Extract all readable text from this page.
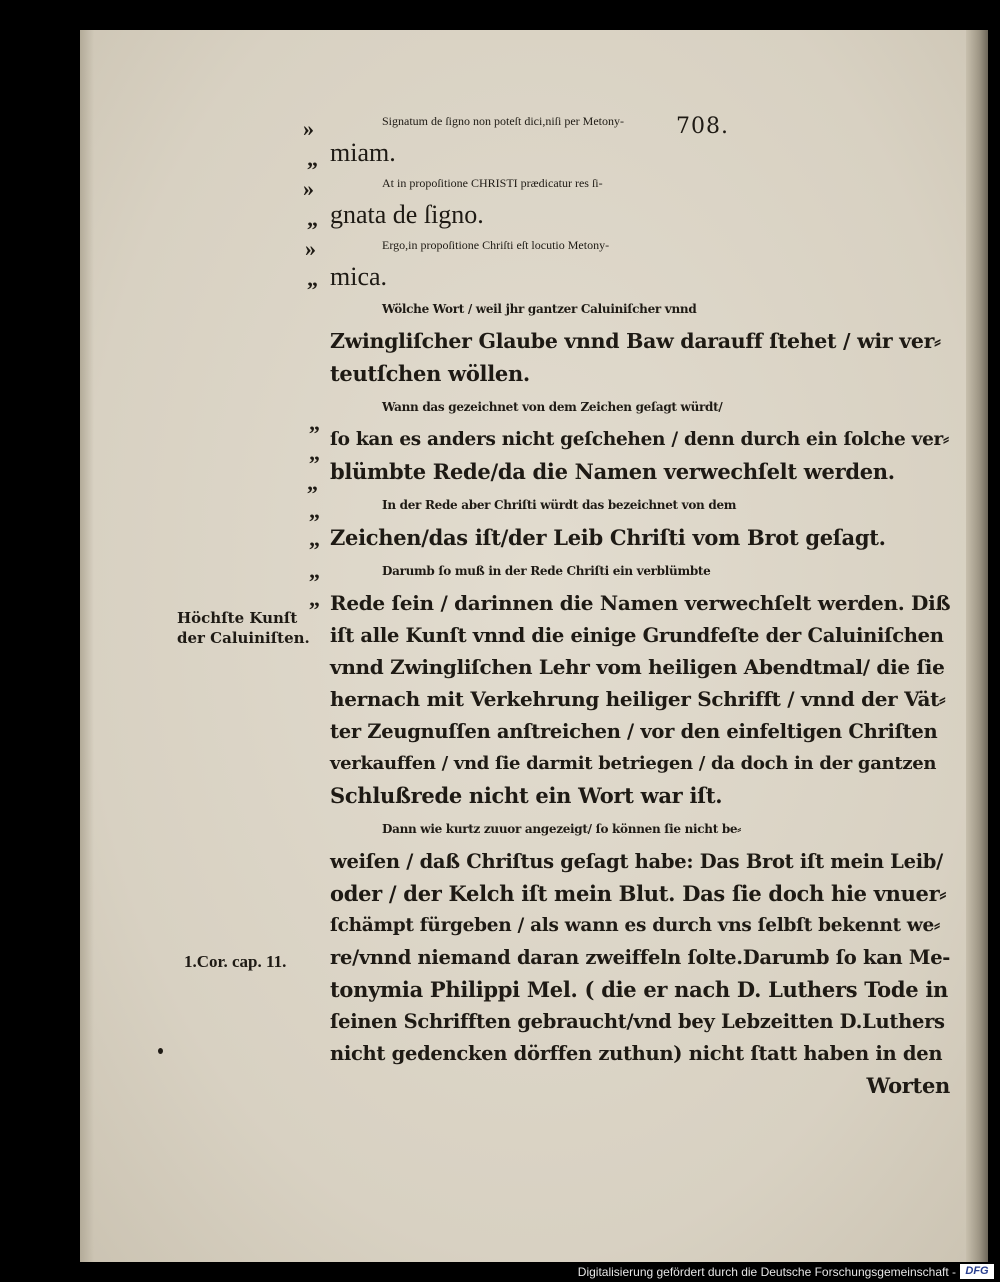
708.
»
„
»
„
»
„
„
„
„
„
„
„
„
Höchſte Kunſt
der Caluiniſten.
1.Cor. cap. 11.
Signatum de ſigno non poteſt dici,niſi per Metony-
miam.
At in propoſitione CHRISTI prædicatur res ſi-
gnata de ſigno.
Ergo,in propoſitione Chriſti eſt locutio Metony-
mica.
Wölche Wort / weil jhr gantzer Caluiniſcher vnnd
Zwingliſcher Glaube vnnd Baw darauff ſtehet / wir ver⸗
teutſchen wöllen.
Wann das gezeichnet von dem Zeichen geſagt würdt/
ſo kan es anders nicht geſchehen / denn durch ein ſolche ver⸗
blümbte Rede/da die Namen verwechſelt werden.
In der Rede aber Chriſti würdt das bezeichnet von dem
Zeichen/das iſt/der Leib Chriſti vom Brot geſagt.
Darumb ſo muß in der Rede Chriſti ein verblümbte
Rede ſein / darinnen die Namen verwechſelt werden. Diß
iſt alle Kunſt vnnd die einige Grundfeſte der Caluiniſchen
vnnd Zwingliſchen Lehr vom heiligen Abendtmal/ die ſie
hernach mit Verkehrung heiliger Schrifft / vnnd der Vät⸗
ter Zeugnuſſen anſtreichen / vor den einfeltigen Chriſten
verkauffen / vnd ſie darmit betriegen / da doch in der gantzen
Schlußrede nicht ein Wort war iſt.
Dann wie kurtz zuuor angezeigt/ ſo können ſie nicht be⸗
weiſen / daß Chriſtus geſagt habe: Das Brot iſt mein Leib/
oder / der Kelch iſt mein Blut. Das ſie doch hie vnuer⸗
ſchämpt fürgeben / als wann es durch vns ſelbſt bekennt we⸗
re/vnnd niemand daran zweiffeln ſolte.Darumb ſo kan Me-
tonymia Philippi Mel. ( die er nach D. Luthers Tode in
ſeinen Schrifften gebraucht/vnd bey Lebzeitten D.Luthers
nicht gedencken dörffen zuthun) nicht ſtatt haben in den
Worten
Digitalisierung gefördert durch die Deutsche Forschungsgemeinschaft - DFG
